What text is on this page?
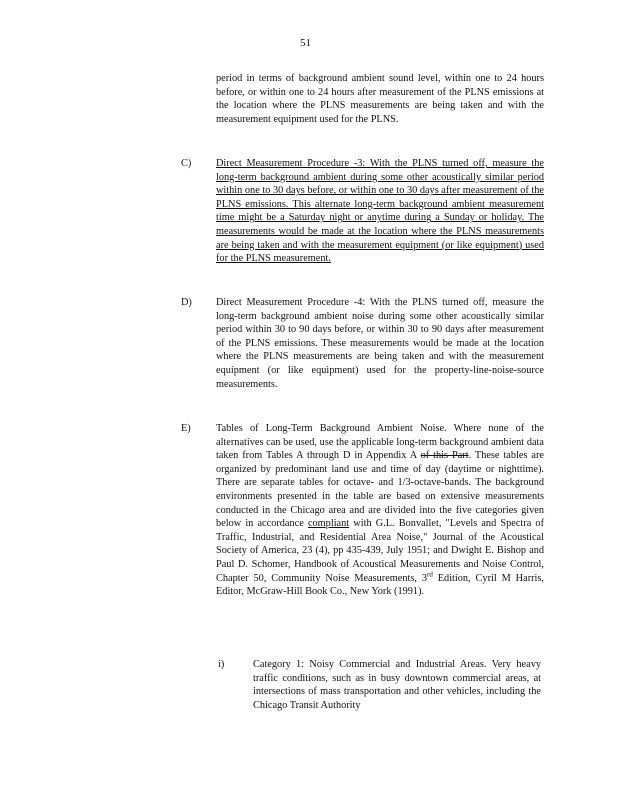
51
period in terms of background ambient sound level, within one to 24 hours before, or within one to 24 hours after measurement of the PLNS emissions at the location where the PLNS measurements are being taken and with the measurement equipment used for the PLNS.
C) Direct Measurement Procedure -3: With the PLNS turned off, measure the long-term background ambient during some other acoustically similar period within one to 30 days before, or within one to 30 days after measurement of the PLNS emissions. This alternate long-term background ambient measurement time might be a Saturday night or anytime during a Sunday or holiday. The measurements would be made at the location where the PLNS measurements are being taken and with the measurement equipment (or like equipment) used for the PLNS measurement.
D) Direct Measurement Procedure -4: With the PLNS turned off, measure the long-term background ambient noise during some other acoustically similar period within 30 to 90 days before, or within 30 to 90 days after measurement of the PLNS emissions. These measurements would be made at the location where the PLNS measurements are being taken and with the measurement equipment (or like equipment) used for the property-line-noise-source measurements.
E) Tables of Long-Term Background Ambient Noise. Where none of the alternatives can be used, use the applicable long-term background ambient data taken from Tables A through D in Appendix A of this Part. These tables are organized by predominant land use and time of day (daytime or nighttime). There are separate tables for octave- and 1/3-octave-bands. The background environments presented in the table are based on extensive measurements conducted in the Chicago area and are divided into the five categories given below in accordance compliant with G.L. Bonvallet, "Levels and Spectra of Traffic, Industrial, and Residential Area Noise," Journal of the Acoustical Society of America, 23 (4), pp 435-439, July 1951; and Dwight E. Bishop and Paul D. Schomer, Handbook of Acoustical Measurements and Noise Control, Chapter 50, Community Noise Measurements, 3rd Edition, Cyril M Harris, Editor, McGraw-Hill Book Co., New York (1991).
i)	Category 1: Noisy Commercial and Industrial Areas. Very heavy traffic conditions, such as in busy downtown commercial areas, at intersections of mass transportation and other vehicles, including the Chicago Transit Authority
